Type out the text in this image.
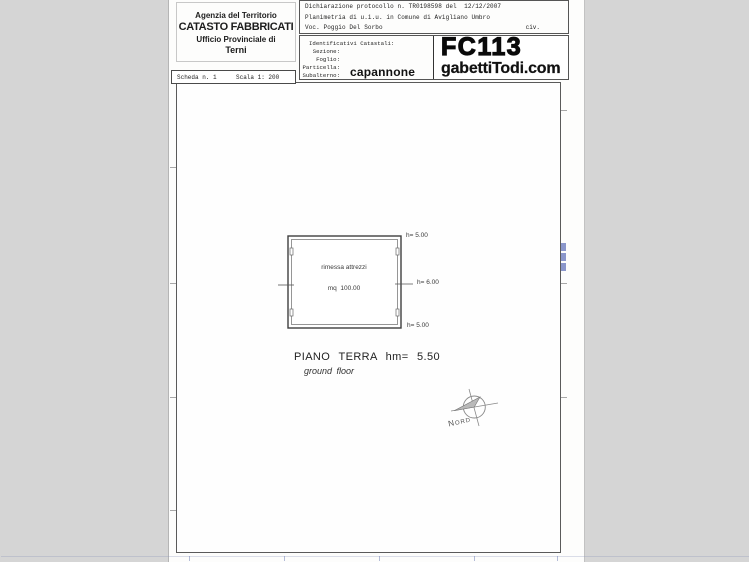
Agenzia del Territorio
CATASTO FABBRICATI
Ufficio Provinciale di
Terni
Dichiarazione protocollo n. TR0198598 del  12/12/2007
Planimetria di u.i.u. in Comune di Avigliano Umbro
Voc. Poggio Del Sorbo	civ.
Identificativi Catastali:
Sezione:
Foglio:
Particella:
Subalterno: capannone
FC113
gabettiTodi.com
Scheda n. 1	Scala 1: 200
rimessa attrezzi
mq  100.00
h= 5.00
h= 6.00
h= 5.00
PIANO TERRA hm= 5.50
ground floor
Nord
